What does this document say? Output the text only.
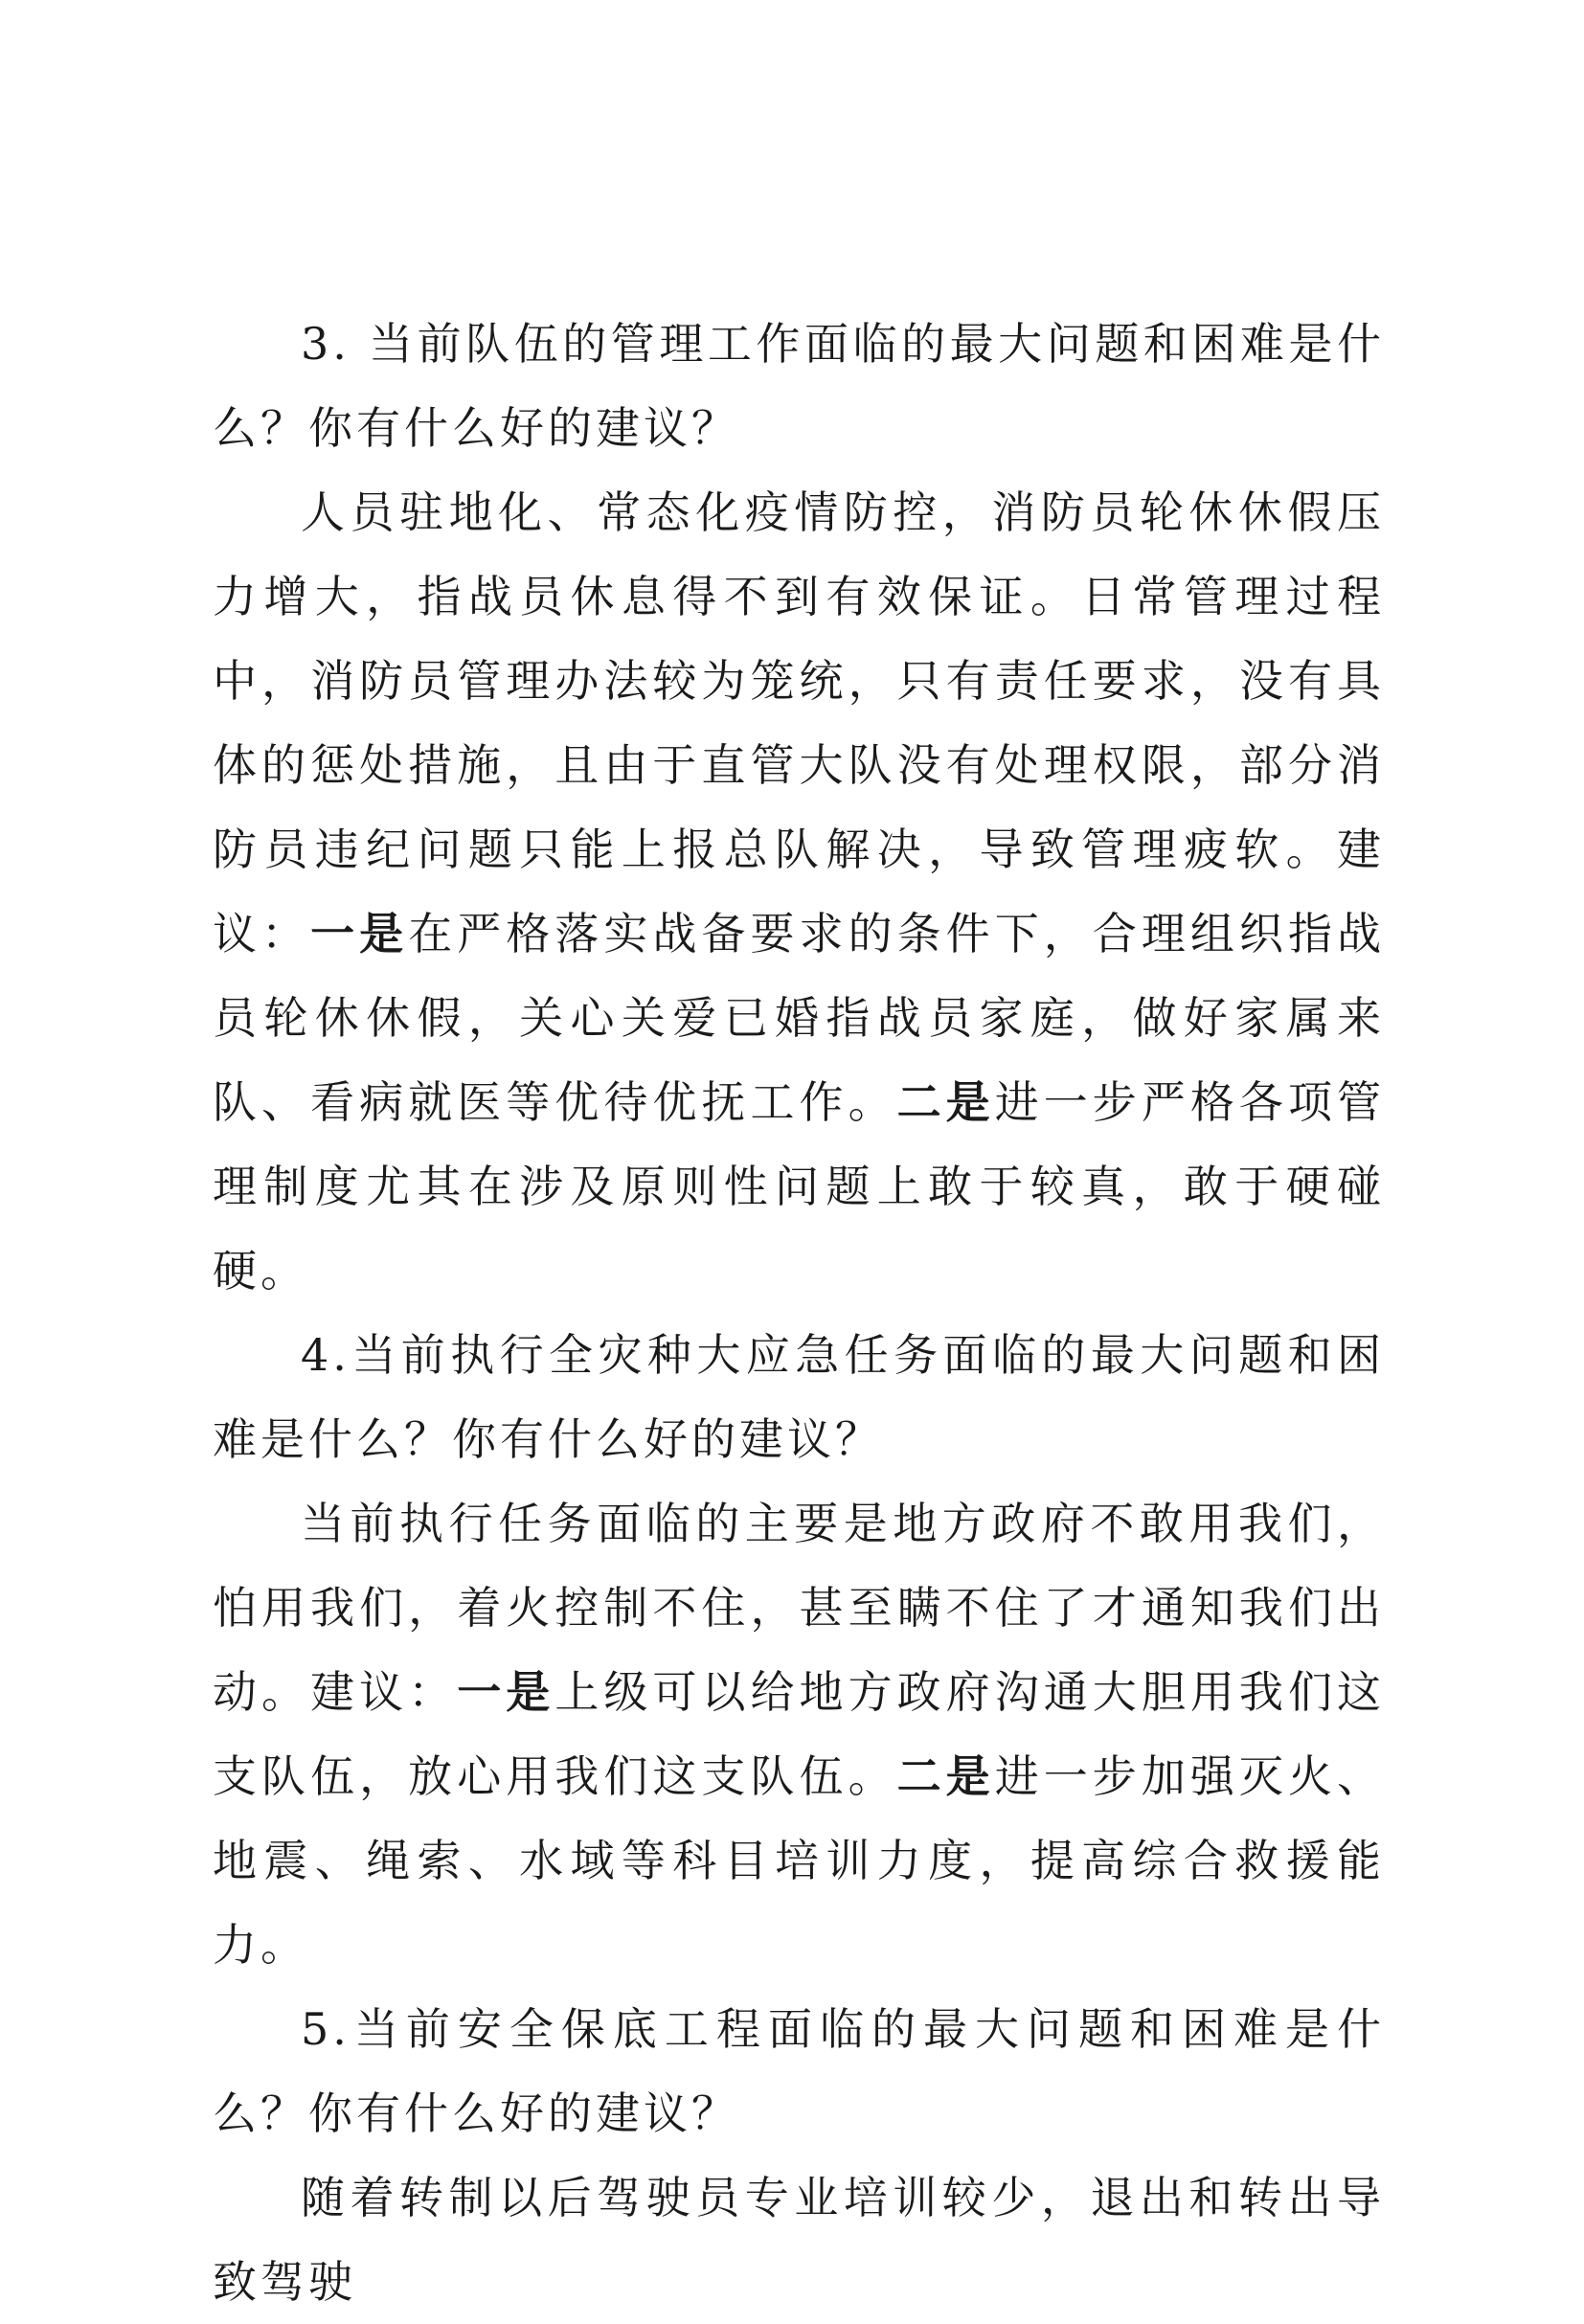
3. 当前队伍的管理工作面临的最大问题和困难是什么？你有什么好的建议？

人员驻地化、常态化疫情防控，消防员轮休休假压力增大，指战员休息得不到有效保证。日常管理过程中，消防员管理办法较为笼统，只有责任要求，没有具体的惩处措施，且由于直管大队没有处理权限，部分消防员违纪问题只能上报总队解决，导致管理疲软。建议：一是在严格落实战备要求的条件下，合理组织指战员轮休休假，关心关爱已婚指战员家庭，做好家属来队、看病就医等优待优抚工作。二是进一步严格各项管理制度尤其在涉及原则性问题上敢于较真，敢于硬碰硬。

4.当前执行全灾种大应急任务面临的最大问题和困难是什么？你有什么好的建议？

当前执行任务面临的主要是地方政府不敢用我们，怕用我们，着火控制不住，甚至瞒不住了才通知我们出动。建议：一是上级可以给地方政府沟通大胆用我们这支队伍，放心用我们这支队伍。二是进一步加强灭火、地震、绳索、水域等科目培训力度，提高综合救援能力。

5.当前安全保底工程面临的最大问题和困难是什么？你有什么好的建议？

随着转制以后驾驶员专业培训较少，退出和转出导致驾驶
